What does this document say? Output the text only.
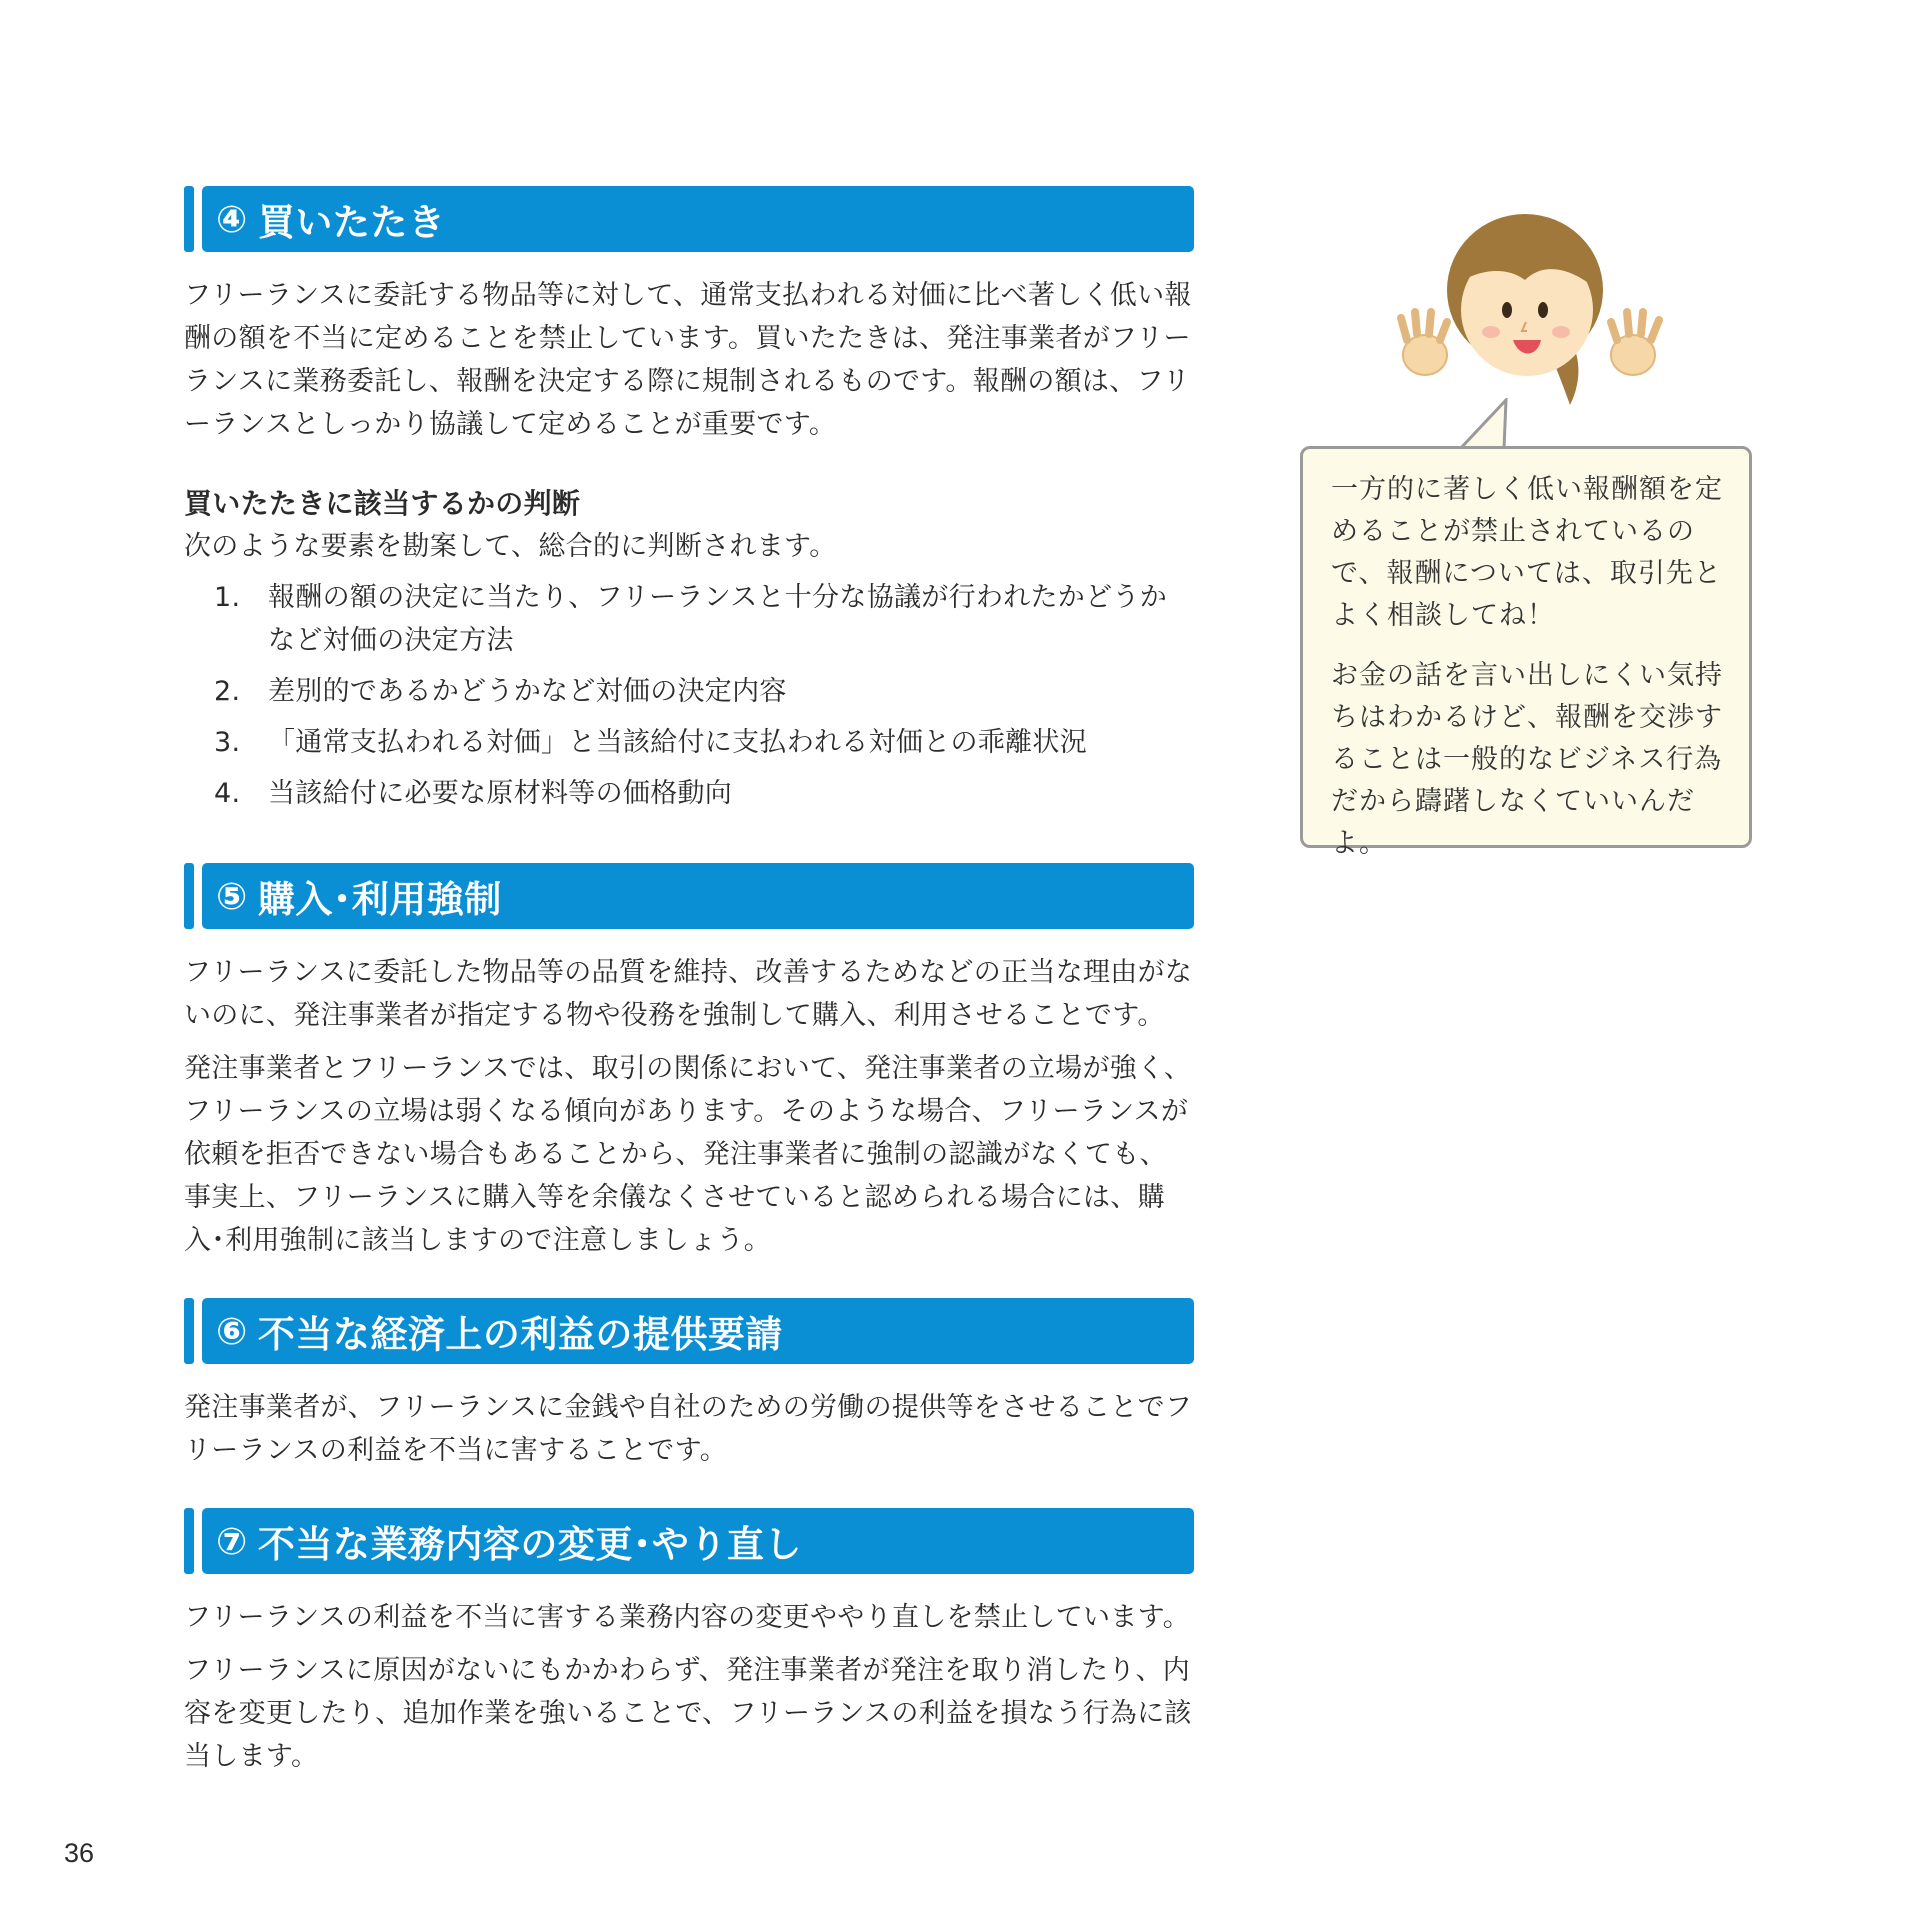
④ 買いたたき

フリーランスに委託する物品等に対して、通常支払われる対価に比べ著しく低い報酬の額を不当に定めることを禁止しています。買いたたきは、発注事業者がフリーランスに業務委託し、報酬を決定する際に規制されるものです。報酬の額は、フリーランスとしっかり協議して定めることが重要です。

買いたたきに該当するかの判断

次のような要素を勘案して、総合的に判断されます。

1.	報酬の額の決定に当たり、フリーランスと十分な協議が行われたかどうかなど対価の決定方法
2.	差別的であるかどうかなど対価の決定内容
3.	「通常支払われる対価」と当該給付に支払われる対価との乖離状況
4.	当該給付に必要な原材料等の価格動向
⑤ 購入･利用強制

フリーランスに委託した物品等の品質を維持、改善するためなどの正当な理由がないのに、発注事業者が指定する物や役務を強制して購入、利用させることです。

発注事業者とフリーランスでは、取引の関係において、発注事業者の立場が強く、フリーランスの立場は弱くなる傾向があります。そのような場合、フリーランスが依頼を拒否できない場合もあることから、発注事業者に強制の認識がなくても、事実上、フリーランスに購入等を余儀なくさせていると認められる場合には、購入･利用強制に該当しますので注意しましょう。

⑥ 不当な経済上の利益の提供要請

発注事業者が、フリーランスに金銭や自社のための労働の提供等をさせることでフリーランスの利益を不当に害することです。

⑦ 不当な業務内容の変更･やり直し

フリーランスの利益を不当に害する業務内容の変更ややり直しを禁止しています。

フリーランスに原因がないにもかかわらず、発注事業者が発注を取り消したり、内容を変更したり、追加作業を強いることで、フリーランスの利益を損なう行為に該当します。

一方的に著しく低い報酬額を定めることが禁止されているので、報酬については、取引先とよく相談してね！

お金の話を言い出しにくい気持ちはわかるけど、報酬を交渉することは一般的なビジネス行為だから躊躇しなくていいんだよ。

36
